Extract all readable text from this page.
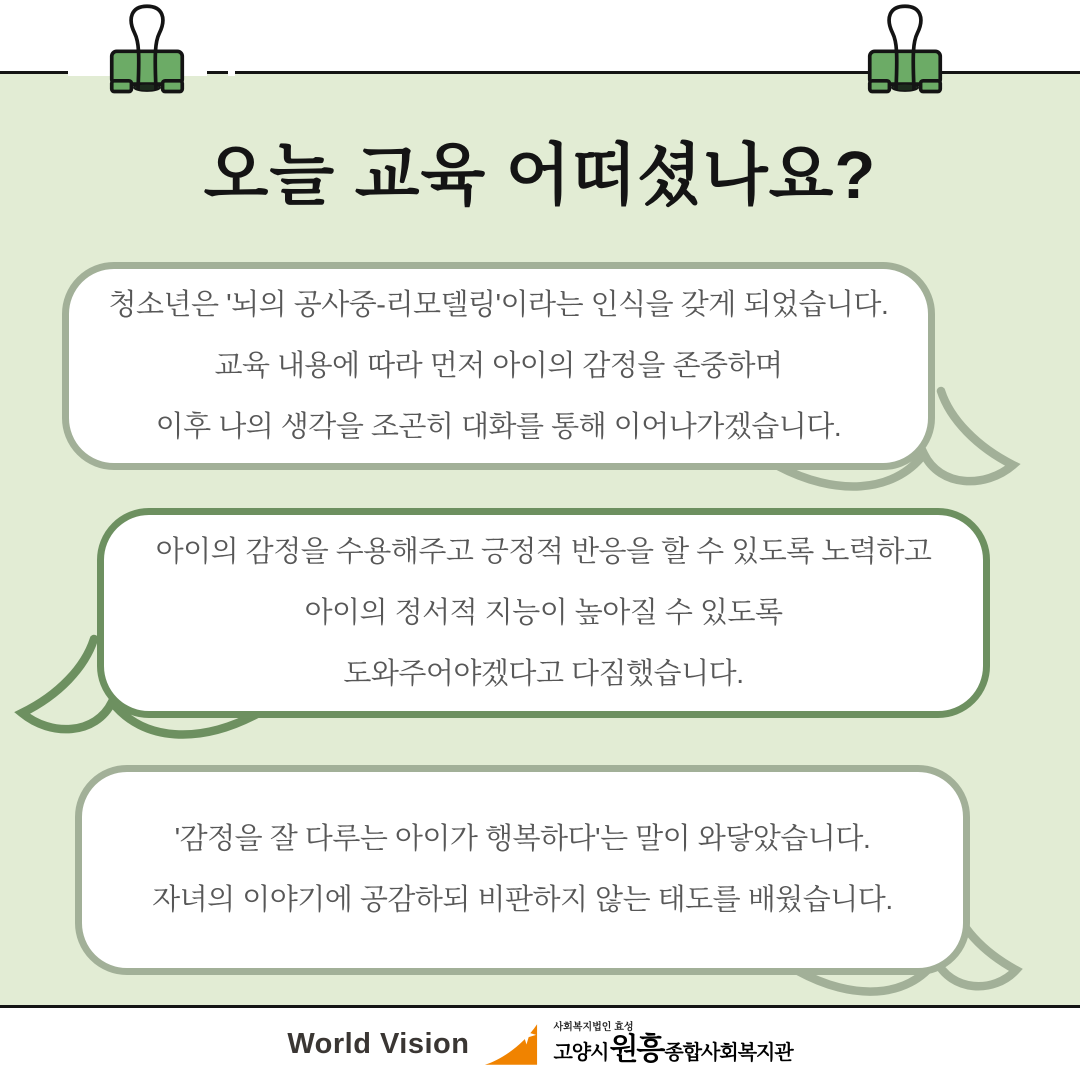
오늘 교육 어떠셨나요?
청소년은 '뇌의 공사중-리모델링'이라는 인식을 갖게 되었습니다.
교육 내용에 따라 먼저 아이의 감정을 존중하며
이후 나의 생각을 조곤히 대화를 통해 이어나가겠습니다.
아이의 감정을 수용해주고 긍정적 반응을 할 수 있도록 노력하고
아이의 정서적 지능이 높아질 수 있도록
도와주어야겠다고 다짐했습니다.
'감정을 잘 다루는 아이가 행복하다'는 말이 와닿았습니다.
자녀의 이야기에 공감하되 비판하지 않는 태도를 배웠습니다.
World Vision	사회복지법인 효성
고양시 원흥 종합사회복지관
